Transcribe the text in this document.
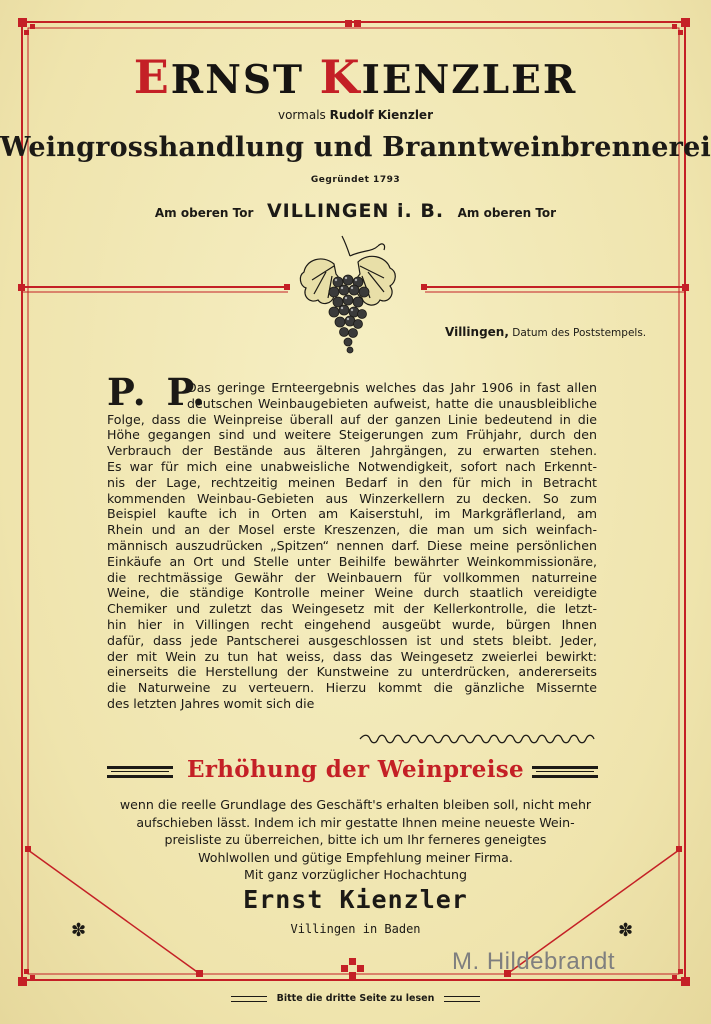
ERNST KIENZLER
vormals Rudolf Kienzler
Weingrosshandlung und Branntweinbrennerei
Gegründet 1793
Am oberen Tor VILLINGEN i. B. Am oberen Tor
Villingen, Datum des Poststempels.
P. P.
Das geringe Ernteergebnis welches das Jahr 1906 in fast allen
deutschen Weinbaugebieten aufweist, hatte die unausbleibliche
Folge, dass die Weinpreise überall auf der ganzen Linie bedeutend in die
Höhe gegangen sind und weitere Steigerungen zum Frühjahr, durch den
Verbrauch der Bestände aus älteren Jahrgängen, zu erwarten stehen.
Es war für mich eine unabweisliche Notwendigkeit, sofort nach Erkennt-
nis der Lage, rechtzeitig meinen Bedarf in den für mich in Betracht
kommenden Weinbau-Gebieten aus Winzerkellern zu decken. So zum
Beispiel kaufte ich in Orten am Kaiserstuhl, im Markgräflerland, am
Rhein und an der Mosel erste Kreszenzen, die man um sich weinfach-
männisch auszudrücken „Spitzen“ nennen darf. Diese meine persönlichen
Einkäufe an Ort und Stelle unter Beihilfe bewährter Weinkommissionäre,
die rechtmässige Gewähr der Weinbauern für vollkommen naturreine
Weine, die ständige Kontrolle meiner Weine durch staatlich vereidigte
Chemiker und zuletzt das Weingesetz mit der Kellerkontrolle, die letzt-
hin hier in Villingen recht eingehend ausgeübt wurde, bürgen Ihnen
dafür, dass jede Pantscherei ausgeschlossen ist und stets bleibt. Jeder,
der mit Wein zu tun hat weiss, dass das Weingesetz zweierlei bewirkt:
einerseits die Herstellung der Kunstweine zu unterdrücken, andererseits
die Naturweine zu verteuern. Hierzu kommt die gänzliche Missernte
des letzten Jahres womit sich die
Erhöhung der Weinpreise
wenn die reelle Grundlage des Geschäft's erhalten bleiben soll, nicht mehr
aufschieben lässt. Indem ich mir gestatte Ihnen meine neueste Wein-
preisliste zu überreichen, bitte ich um Ihr ferneres geneigtes
Wohlwollen und gütige Empfehlung meiner Firma.
Mit ganz vorzüglicher Hochachtung
Ernst Kienzler
Villingen in Baden
✽	✽
M. Hildebrandt
Bitte die dritte Seite zu lesen
